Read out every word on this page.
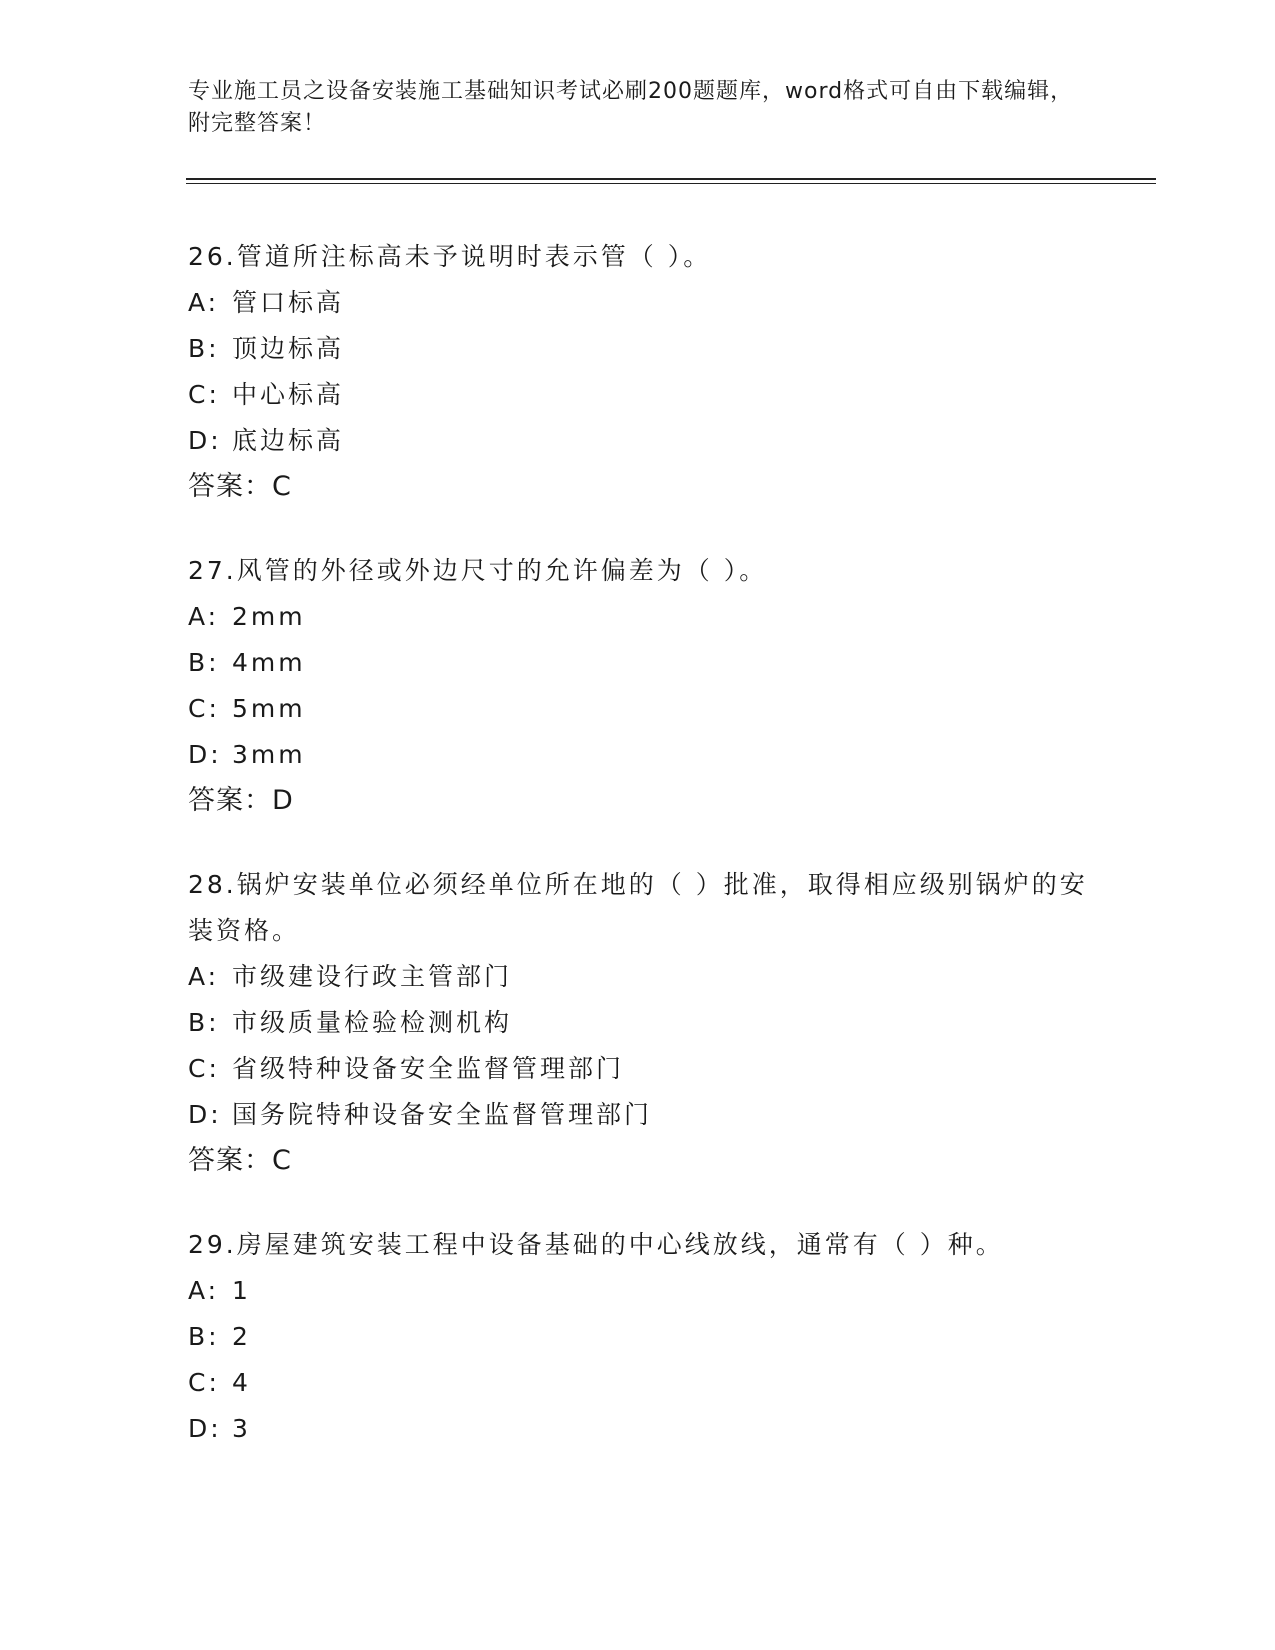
专业施工员之设备安装施工基础知识考试必刷200题题库，word格式可自由下载编辑，附完整答案！
26.管道所注标高未予说明时表示管（ ）。
A: 管口标高
B: 顶边标高
C: 中心标高
D: 底边标高
答案：C
27.风管的外径或外边尺寸的允许偏差为（ ）。
A: 2mm
B: 4mm
C: 5mm
D: 3mm
答案：D
28.锅炉安装单位必须经单位所在地的（ ）批准，取得相应级别锅炉的安装资格。
A: 市级建设行政主管部门
B: 市级质量检验检测机构
C: 省级特种设备安全监督管理部门
D: 国务院特种设备安全监督管理部门
答案：C
29.房屋建筑安装工程中设备基础的中心线放线，通常有（ ）种。
A: 1
B: 2
C: 4
D: 3
